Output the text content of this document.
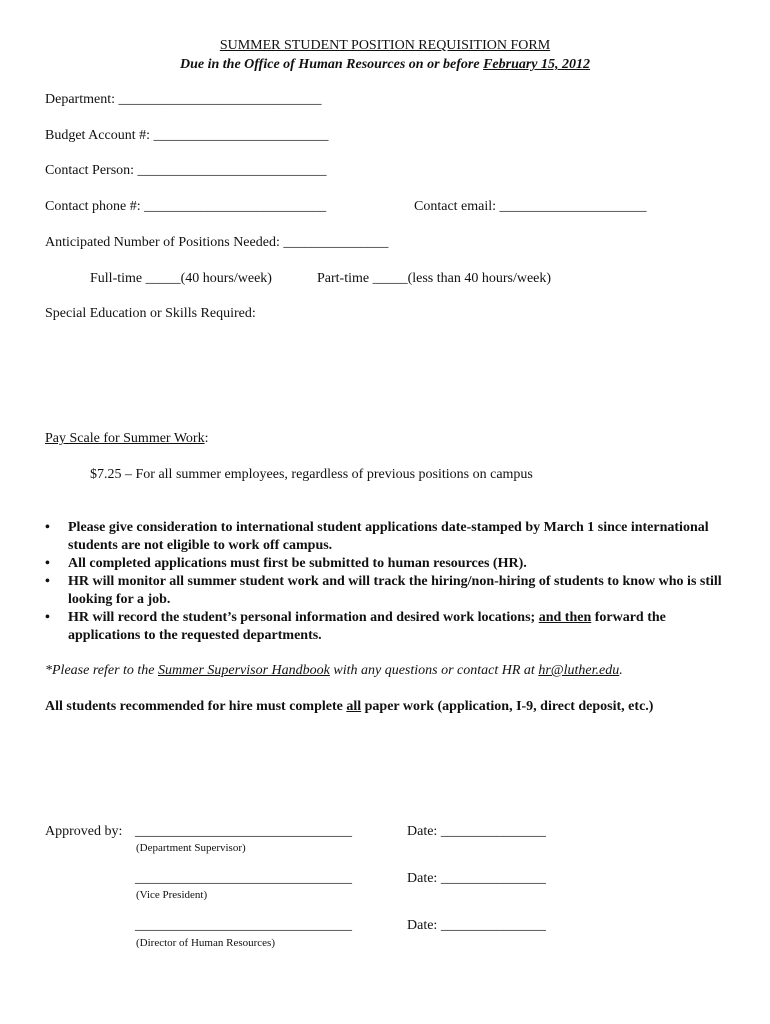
SUMMER STUDENT POSITION REQUISITION FORM
Due in the Office of Human Resources on or before February 15, 2012
Department: _____________________________
Budget Account #: _________________________
Contact Person: ___________________________
Contact phone #: __________________________	Contact email: _____________________
Anticipated Number of Positions Needed: _______________
Full-time _____(40 hours/week)	Part-time _____(less than 40 hours/week)
Special Education or Skills Required:
Pay Scale for Summer Work:
$7.25 – For all summer employees, regardless of previous positions on campus
• Please give consideration to international student applications date-stamped by March 1 since international students are not eligible to work off campus.
• All completed applications must first be submitted to human resources (HR).
• HR will monitor all summer student work and will track the hiring/non-hiring of students to know who is still looking for a job.
• HR will record the student’s personal information and desired work locations; and then forward the applications to the requested departments.
*Please refer to the Summer Supervisor Handbook with any questions or contact HR at hr@luther.edu.
All students recommended for hire must complete all paper work (application, I-9, direct deposit, etc.)
Approved by: _______________________________
(Department Supervisor)
Date: _______________
_______________________________
(Vice President)
Date: _______________
_______________________________
(Director of Human Resources)
Date: _______________
